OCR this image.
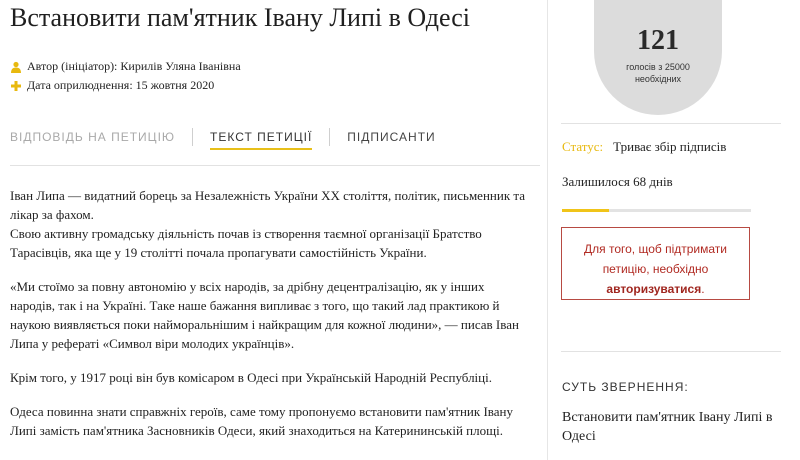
Встановити пам'ятник Івану Липі в Одесі
Автор (ініціатор):
Кирилів Уляна Іванівна
Дата оприлюднення:
15 жовтня 2020
ВІДПОВІДЬ НА ПЕТИЦІЮ	ТЕКСТ ПЕТИЦІЇ	ПІДПИСАНТИ

Іван Липа — видатний борець за Незалежність України XX століття, політик, письменник та лікар за фахом.

Свою активну громадську діяльність почав із створення таємної організації Братство Тарасівців, яка ще у 19 столітті почала пропагувати самостійність України.

«Ми стоїмо за повну автономію у всіх народів, за дрібну децентралізацію, як у інших народів, так і на Україні. Таке наше бажання випливає з того, що такий лад практикою й наукою виявляється поки найморальнішим і найкращим для кожної людини», — писав Іван Липа у рефераті «Символ віри молодих українців».

Крім того, у 1917 році він був комісаром в Одесі при Українській Народній Республіці.

Одеса повинна знати справжніх героїв, саме тому пропонуємо встановити пам'ятник Івану Липі замість пам'ятника Засновників Одеси, який знаходиться на Катерининській площі.

121
голосів з 25000 необхідних
Статус: Триває збір підписів
Залишилося 68 днів
Для того, щоб підтримати петицію, необхідно авторизуватися.
СУТЬ ЗВЕРНЕННЯ:
Встановити пам'ятник Івану Липі в Одесі
